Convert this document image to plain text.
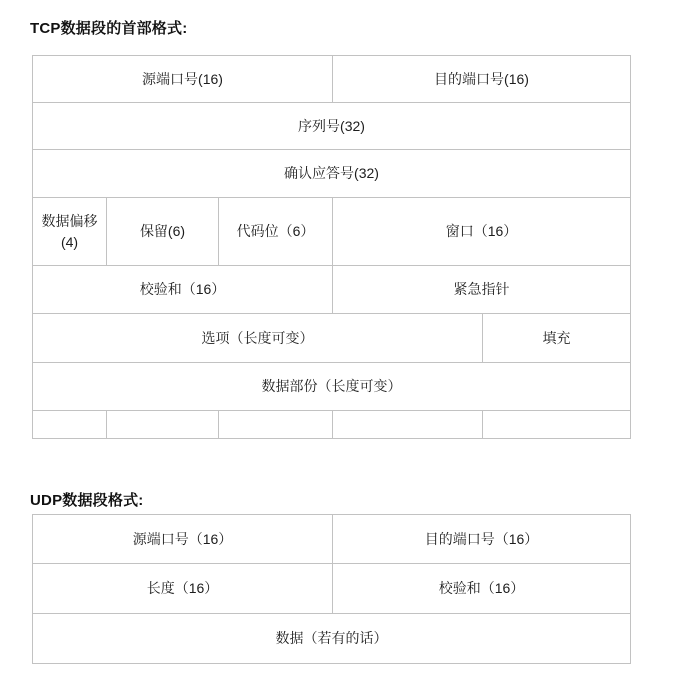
TCP数据段的首部格式:
源端口号(16)			目的端口号(16)	
序列号(32)				
确认应答号(32)				
数据偏移(4)	保留(6)	代码位（6）	窗口（16）	
校验和（16）			紧急指针	
选项（长度可变）				填充
数据部份（长度可变）				

UDP数据段格式:
源端口号（16）	目的端口号（16）
长度（16）	校验和（16）
数据（若有的话）	
